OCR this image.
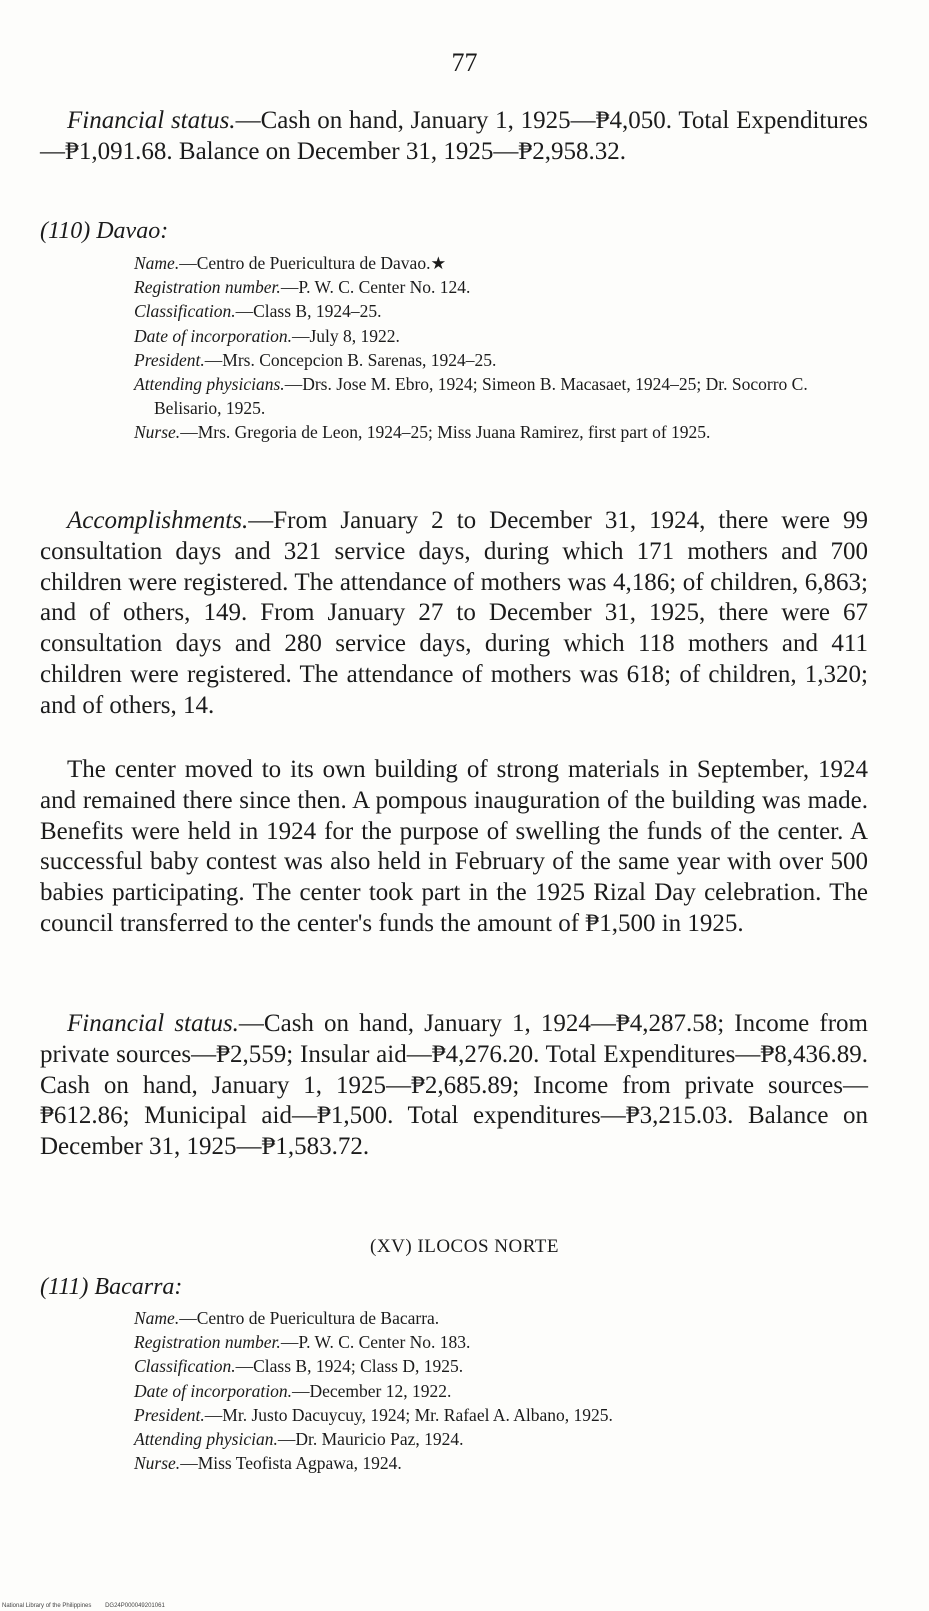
77

Financial status.—Cash on hand, January 1, 1925—₱4,050. Total Expenditures—₱1,091.68. Balance on December 31, 1925—₱2,958.32.

(110) Davao:

Name.—Centro de Puericultura de Davao.★

Registration number.—P. W. C. Center No. 124.

Classification.—Class B, 1924–25.

Date of incorporation.—July 8, 1922.

President.—Mrs. Concepcion B. Sarenas, 1924–25.

Attending physicians.—Drs. Jose M. Ebro, 1924; Simeon B. Macasaet, 1924–25; Dr. Socorro C. Belisario, 1925.

Nurse.—Mrs. Gregoria de Leon, 1924–25; Miss Juana Ramirez, first part of 1925.

Accomplishments.—From January 2 to December 31, 1924, there were 99 consultation days and 321 service days, during which 171 mothers and 700 children were registered. The attendance of mothers was 4,186; of children, 6,863; and of others, 149. From January 27 to December 31, 1925, there were 67 consultation days and 280 service days, during which 118 mothers and 411 children were registered. The attendance of mothers was 618; of children, 1,320; and of others, 14.

The center moved to its own building of strong materials in September, 1924 and remained there since then. A pompous inauguration of the building was made. Benefits were held in 1924 for the purpose of swelling the funds of the center. A successful baby contest was also held in February of the same year with over 500 babies participating. The center took part in the 1925 Rizal Day celebration. The council transferred to the center's funds the amount of ₱1,500 in 1925.

Financial status.—Cash on hand, January 1, 1924—₱4,287.58; Income from private sources—₱2,559; Insular aid—₱4,276.20. Total Expenditures—₱8,436.89. Cash on hand, January 1, 1925—₱2,685.89; Income from private sources—₱612.86; Municipal aid—₱1,500. Total expenditures—₱3,215.03. Balance on December 31, 1925—₱1,583.72.

(XV) ILOCOS NORTE
(111) Bacarra:

Name.—Centro de Puericultura de Bacarra.

Registration number.—P. W. C. Center No. 183.

Classification.—Class B, 1924; Class D, 1925.

Date of incorporation.—December 12, 1922.

President.—Mr. Justo Dacuycuy, 1924; Mr. Rafael A. Albano, 1925.

Attending physician.—Dr. Mauricio Paz, 1924.

Nurse.—Miss Teofista Agpawa, 1924.

National Library of the Philippines DG24P000049201061
